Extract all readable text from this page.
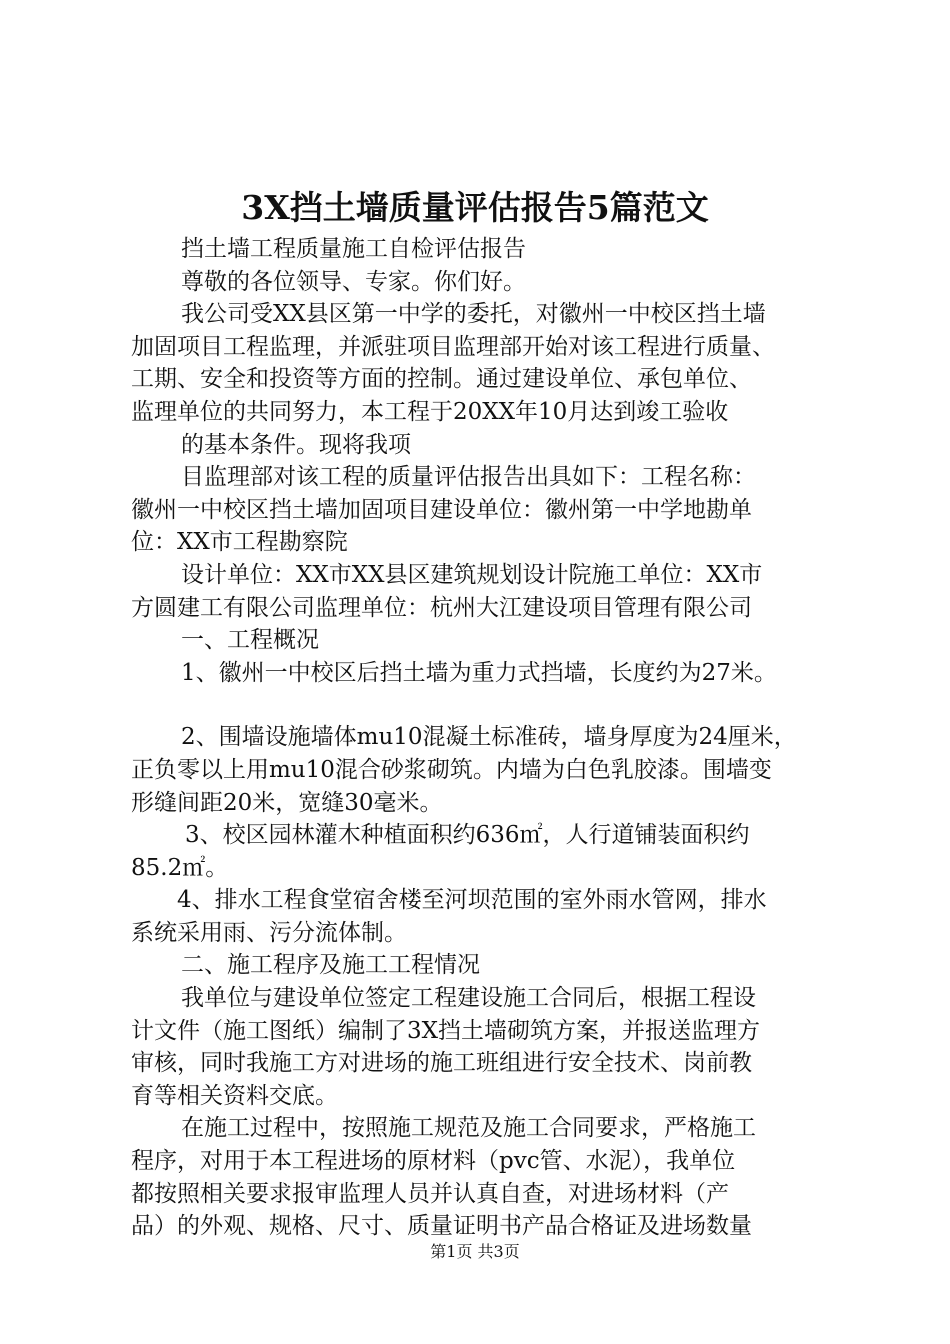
3X挡土墙质量评估报告5篇范文
挡土墙工程质量施工自检评估报告
尊敬的各位领导、专家。你们好。
我公司受XX县区第一中学的委托，对徽州一中校区挡土墙
加固项目工程监理，并派驻项目监理部开始对该工程进行质量、
工期、安全和投资等方面的控制。通过建设单位、承包单位、
监理单位的共同努力，本工程于20XX年10月达到竣工验收
的基本条件。现将我项
目监理部对该工程的质量评估报告出具如下：工程名称：
徽州一中校区挡土墙加固项目建设单位：徽州第一中学地勘单
位：XX市工程勘察院
设计单位：XX市XX县区建筑规划设计院施工单位：XX市
方圆建工有限公司监理单位：杭州大江建设项目管理有限公司
一、工程概况
1、徽州一中校区后挡土墙为重力式挡墙，长度约为27米。
2、围墙设施墙体mu10混凝土标准砖，墙身厚度为24厘米，
正负零以上用mu10混合砂浆砌筑。内墙为白色乳胶漆。围墙变
形缝间距20米，宽缝30毫米。
3、校区园林灌木种植面积约636㎡，人行道铺装面积约
85.2㎡。
4、排水工程食堂宿舍楼至河坝范围的室外雨水管网，排水
系统采用雨、污分流体制。
二、施工程序及施工工程情况
我单位与建设单位签定工程建设施工合同后，根据工程设
计文件（施工图纸）编制了3X挡土墙砌筑方案，并报送监理方
审核，同时我施工方对进场的施工班组进行安全技术、岗前教
育等相关资料交底。
在施工过程中，按照施工规范及施工合同要求，严格施工
程序，对用于本工程进场的原材料（pvc管、水泥），我单位
都按照相关要求报审监理人员并认真自查，对进场材料（产
品）的外观、规格、尺寸、质量证明书产品合格证及进场数量
第1页 共3页
